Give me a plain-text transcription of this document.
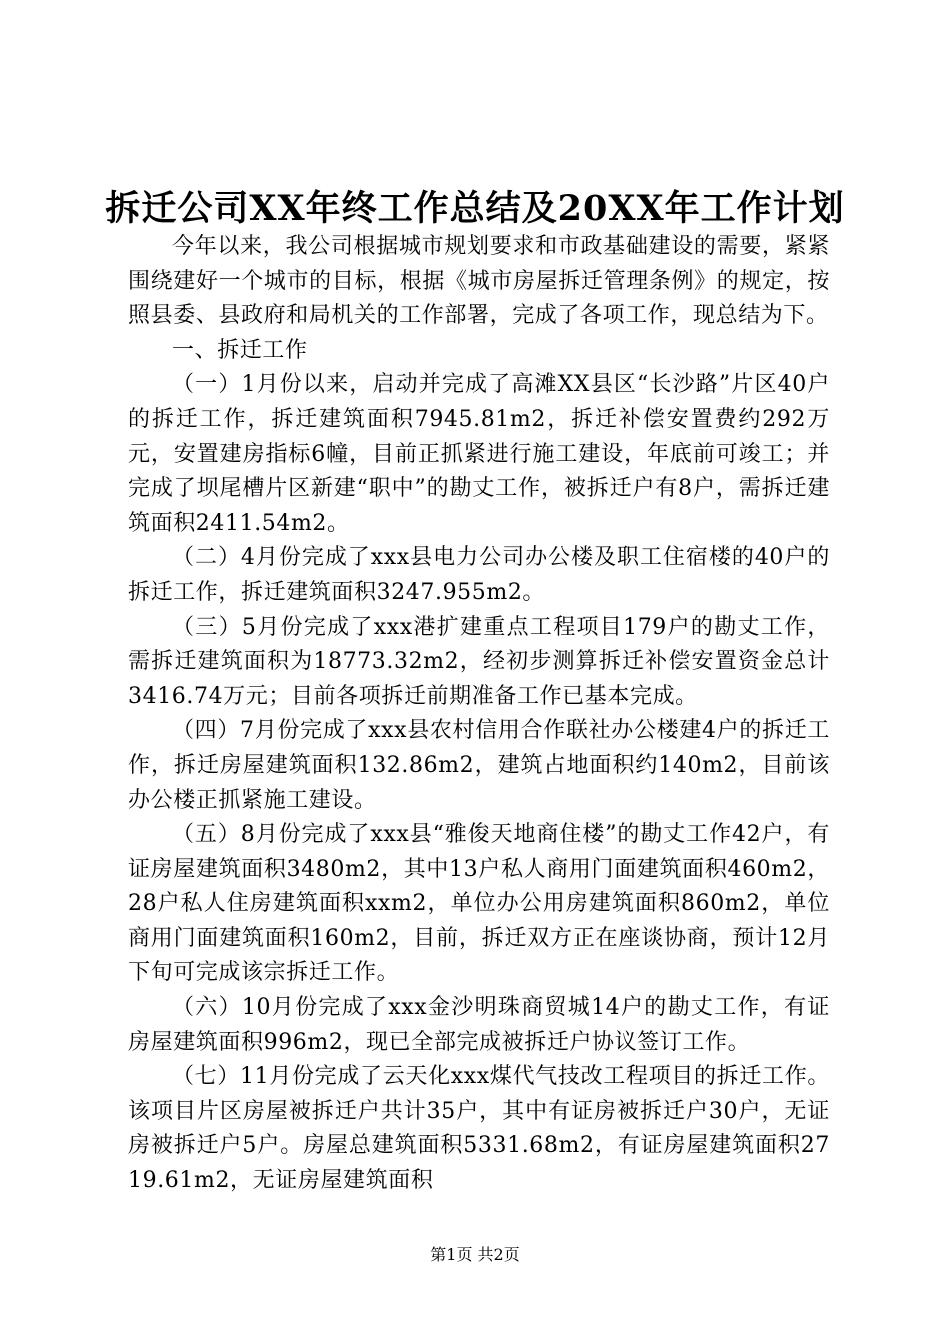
拆迁公司XX年终工作总结及20XX年工作计划

今年以来，我公司根据城市规划要求和市政基础建设的需要，紧紧围绕建好一个城市的目标，根据《城市房屋拆迁管理条例》的规定，按照县委、县政府和局机关的工作部署，完成了各项工作，现总结为下。

一、拆迁工作

（一）1月份以来，启动并完成了高滩XX县区“长沙路”片区40户的拆迁工作，拆迁建筑面积7945.81m2，拆迁补偿安置费约292万元，安置建房指标6幢，目前正抓紧进行施工建设，年底前可竣工；并完成了坝尾槽片区新建“职中”的勘丈工作，被拆迁户有8户，需拆迁建筑面积2411.54m2。

（二）4月份完成了xxx县电力公司办公楼及职工住宿楼的40户的拆迁工作，拆迁建筑面积3247.955m2。

（三）5月份完成了xxx港扩建重点工程项目179户的勘丈工作，需拆迁建筑面积为18773.32m2，经初步测算拆迁补偿安置资金总计3416.74万元；目前各项拆迁前期准备工作已基本完成。

（四）7月份完成了xxx县农村信用合作联社办公楼建4户的拆迁工作，拆迁房屋建筑面积132.86m2，建筑占地面积约140m2，目前该办公楼正抓紧施工建设。

（五）8月份完成了xxx县“雅俊天地商住楼”的勘丈工作42户，有证房屋建筑面积3480m2，其中13户私人商用门面建筑面积460m2，28户私人住房建筑面积xxm2，单位办公用房建筑面积860m2，单位商用门面建筑面积160m2，目前，拆迁双方正在座谈协商，预计12月下旬可完成该宗拆迁工作。

（六）10月份完成了xxx金沙明珠商贸城14户的勘丈工作，有证房屋建筑面积996m2，现已全部完成被拆迁户协议签订工作。

（七）11月份完成了云天化xxx煤代气技改工程项目的拆迁工作。该项目片区房屋被拆迁户共计35户，其中有证房被拆迁户30户，无证房被拆迁户5户。房屋总建筑面积5331.68m2，有证房屋建筑面积2719.61m2，无证房屋建筑面积

第1页 共2页
